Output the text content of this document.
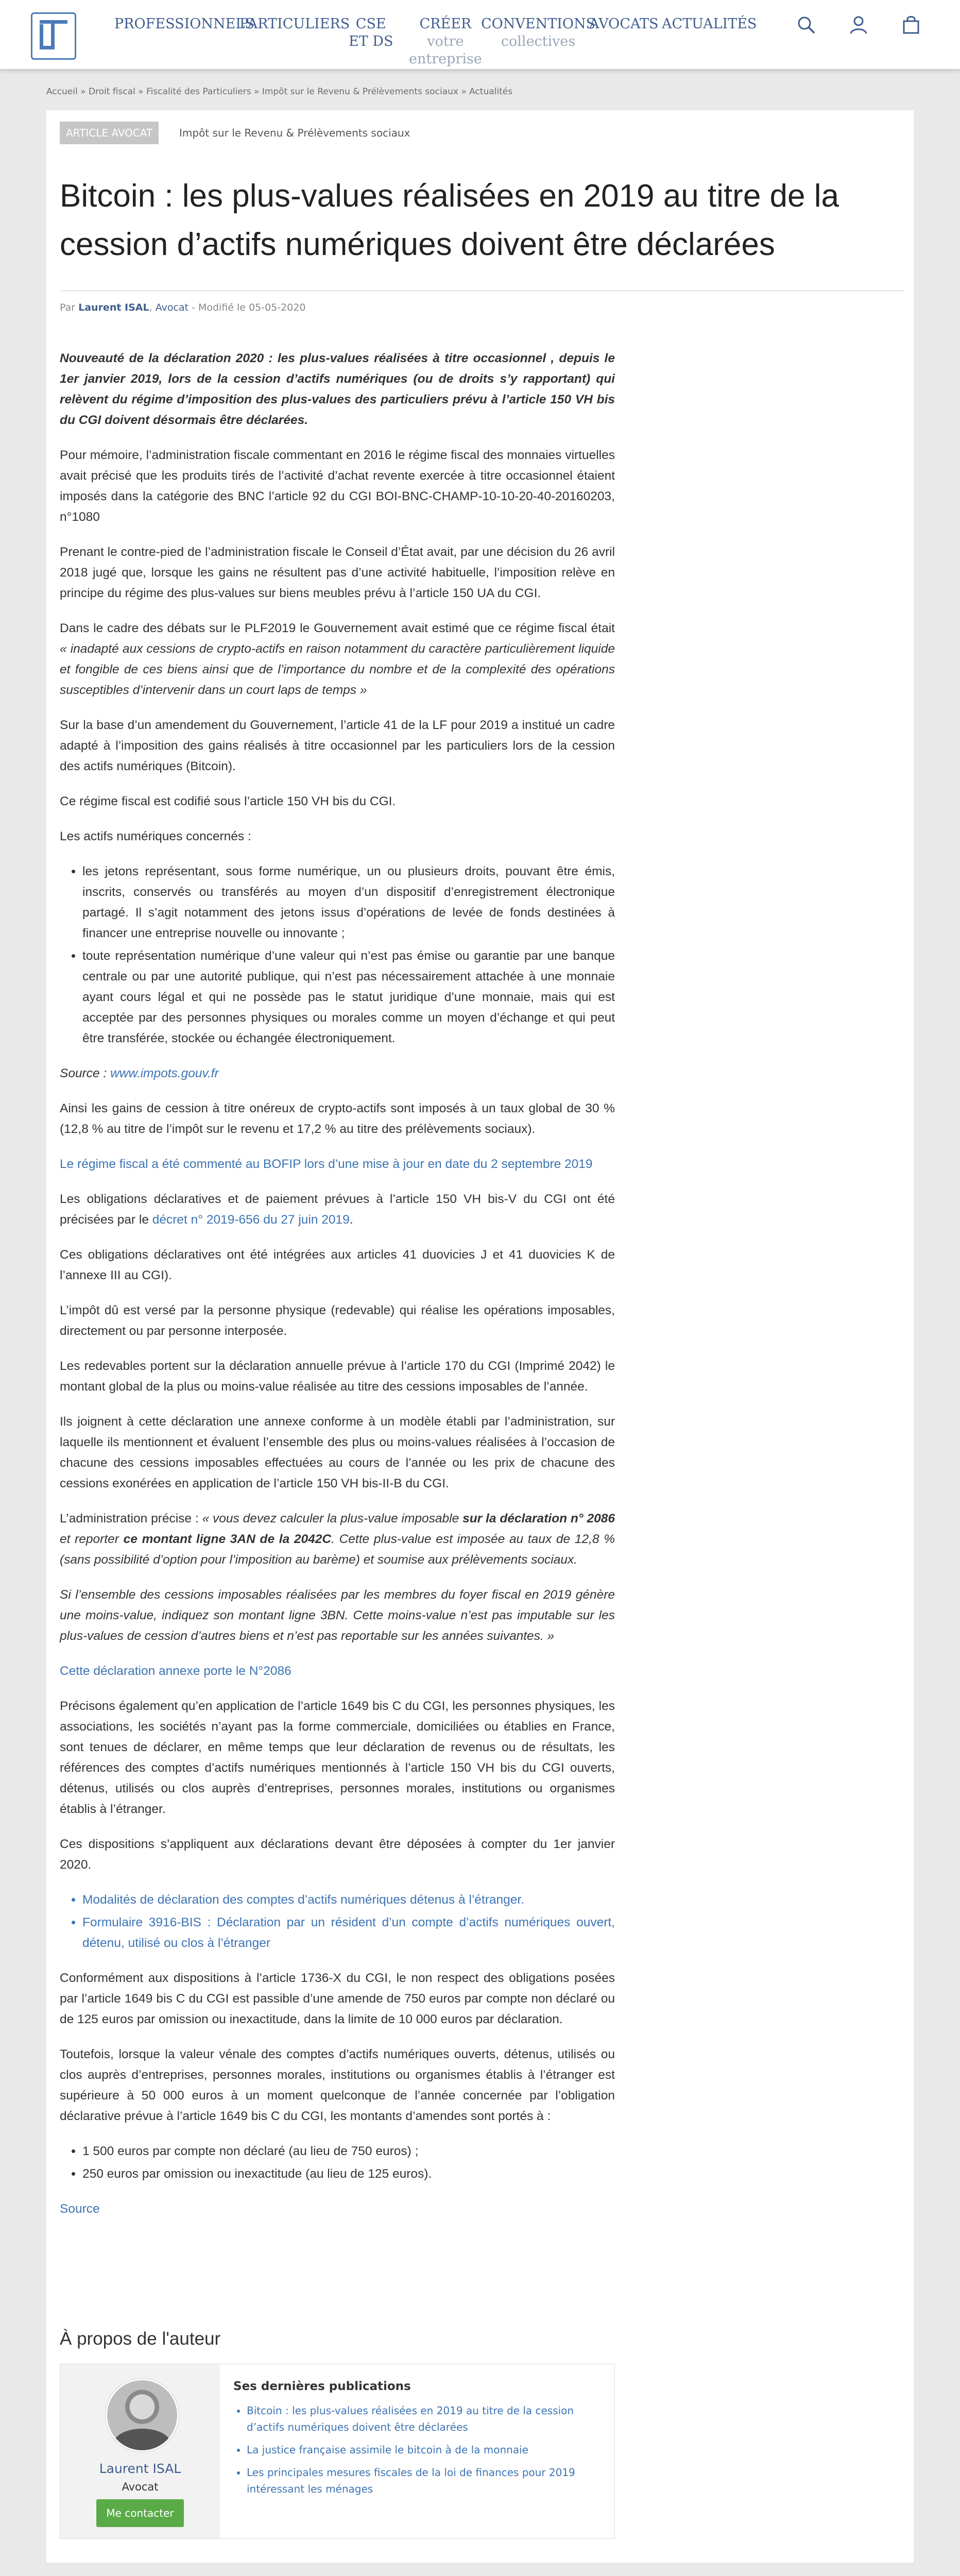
PROFESSIONNELS
PARTICULIERS CSE
ET DS
CRÉER
votre
entreprise
CONVENTIONS
collectives
AVOCATS ACTUALITÉS
Accueil » Droit fiscal » Fiscalité des Particuliers » Impôt sur le Revenu & Prélèvements sociaux » Actualités
ARTICLE AVOCAT	Impôt sur le Revenu & Prélèvements sociaux
Bitcoin : les plus-values réalisées en 2019 au titre de la cession d’actifs numériques doivent être déclarées
Par Laurent ISAL, Avocat - Modifié le 05-05-2020

Nouveauté de la déclaration 2020 : les plus-values réalisées à titre occasionnel , depuis le 1er janvier 2019, lors de la cession d’actifs numériques (ou de droits s’y rapportant) qui relèvent du régime d’imposition des plus-values des particuliers prévu à l’article 150 VH bis du CGI doivent désormais être déclarées.

Pour mémoire, l’administration fiscale commentant en 2016 le régime fiscal des monnaies virtuelles avait précisé que les produits tirés de l’activité d’achat revente exercée à titre occasionnel étaient imposés dans la catégorie des BNC l’article 92 du CGI BOI-BNC-CHAMP-10-10-20-40-20160203, n°1080

Prenant le contre-pied de l’administration fiscale le Conseil d’État avait, par une décision du 26 avril 2018 jugé que, lorsque les gains ne résultent pas d’une activité habituelle, l’imposition relève en principe du régime des plus-values sur biens meubles prévu à l’article 150 UA du CGI.

Dans le cadre des débats sur le PLF2019 le Gouvernement avait estimé que ce régime fiscal était « inadapté aux cessions de crypto-actifs en raison notamment du caractère particulièrement liquide et fongible de ces biens ainsi que de l’importance du nombre et de la complexité des opérations susceptibles d’intervenir dans un court laps de temps »

Sur la base d’un amendement du Gouvernement, l’article 41 de la LF pour 2019 a institué un cadre adapté à l’imposition des gains réalisés à titre occasionnel par les particuliers lors de la cession des actifs numériques (Bitcoin).

Ce régime fiscal est codifié sous l’article 150 VH bis du CGI.

Les actifs numériques concernés :

• les jetons représentant, sous forme numérique, un ou plusieurs droits, pouvant être émis, inscrits, conservés ou transférés au moyen d’un dispositif d’enregistrement électronique partagé. Il s’agit notamment des jetons issus d’opérations de levée de fonds destinées à financer une entreprise nouvelle ou innovante ;
• toute représentation numérique d’une valeur qui n’est pas émise ou garantie par une banque centrale ou par une autorité publique, qui n’est pas nécessairement attachée à une monnaie ayant cours légal et qui ne possède pas le statut juridique d’une monnaie, mais qui est acceptée par des personnes physiques ou morales comme un moyen d’échange et qui peut être transférée, stockée ou échangée électroniquement.

Source : www.impots.gouv.fr

Ainsi les gains de cession à titre onéreux de crypto-actifs sont imposés à un taux global de 30 % (12,8 % au titre de l’impôt sur le revenu et 17,2 % au titre des prélèvements sociaux).

Le régime fiscal a été commenté au BOFIP lors d’une mise à jour en date du 2 septembre 2019

Les obligations déclaratives et de paiement prévues à l’article 150 VH bis-V du CGI ont été précisées par le décret n° 2019-656 du 27 juin 2019.

Ces obligations déclaratives ont été intégrées aux articles 41 duovicies J et 41 duovicies K de l’annexe III au CGI).

L’impôt dû est versé par la personne physique (redevable) qui réalise les opérations imposables, directement ou par personne interposée.

Les redevables portent sur la déclaration annuelle prévue à l’article 170 du CGI (Imprimé 2042) le montant global de la plus ou moins-value réalisée au titre des cessions imposables de l’année.

Ils joignent à cette déclaration une annexe conforme à un modèle établi par l’administration, sur laquelle ils mentionnent et évaluent l’ensemble des plus ou moins-values réalisées à l’occasion de chacune des cessions imposables effectuées au cours de l’année ou les prix de chacune des cessions exonérées en application de l’article 150 VH bis-II-B du CGI.

L’administration précise : « vous devez calculer la plus-value imposable sur la déclaration n° 2086 et reporter ce montant ligne 3AN de la 2042C. Cette plus-value est imposée au taux de 12,8 % (sans possibilité d’option pour l’imposition au barème) et soumise aux prélèvements sociaux.

Si l’ensemble des cessions imposables réalisées par les membres du foyer fiscal en 2019 génère une moins-value, indiquez son montant ligne 3BN. Cette moins-value n’est pas imputable sur les plus-values de cession d’autres biens et n’est pas reportable sur les années suivantes. »

Cette déclaration annexe porte le N°2086

Précisons également qu’en application de l’article 1649 bis C du CGI, les personnes physiques, les associations, les sociétés n’ayant pas la forme commerciale, domiciliées ou établies en France, sont tenues de déclarer, en même temps que leur déclaration de revenus ou de résultats, les références des comptes d’actifs numériques mentionnés à l’article 150 VH bis du CGI ouverts, détenus, utilisés ou clos auprès d’entreprises, personnes morales, institutions ou organismes établis à l’étranger.

Ces dispositions s’appliquent aux déclarations devant être déposées à compter du 1er janvier 2020.

• Modalités de déclaration des comptes d’actifs numériques détenus à l’étranger.
• Formulaire 3916-BIS : Déclaration par un résident d’un compte d’actifs numériques ouvert, détenu, utilisé ou clos à l’étranger

Conformément aux dispositions à l’article 1736-X du CGI, le non respect des obligations posées par l’article 1649 bis C du CGI est passible d’une amende de 750 euros par compte non déclaré ou de 125 euros par omission ou inexactitude, dans la limite de 10 000 euros par déclaration.

Toutefois, lorsque la valeur vénale des comptes d’actifs numériques ouverts, détenus, utilisés ou clos auprès d’entreprises, personnes morales, institutions ou organismes établis à l’étranger est supérieure à 50 000 euros à un moment quelconque de l’année concernée par l’obligation déclarative prévue à l’article 1649 bis C du CGI, les montants d’amendes sont portés à :

• 1 500 euros par compte non déclaré (au lieu de 750 euros) ;
• 250 euros par omission ou inexactitude (au lieu de 125 euros).

Source

À propos de l'auteur
Laurent ISAL
Avocat
Me contacter
Ses dernières publications
• Bitcoin : les plus-values réalisées en 2019 au titre de la cession d’actifs numériques doivent être déclarées
• La justice française assimile le bitcoin à de la monnaie
• Les principales mesures fiscales de la loi de finances pour 2019 intéressant les ménages
